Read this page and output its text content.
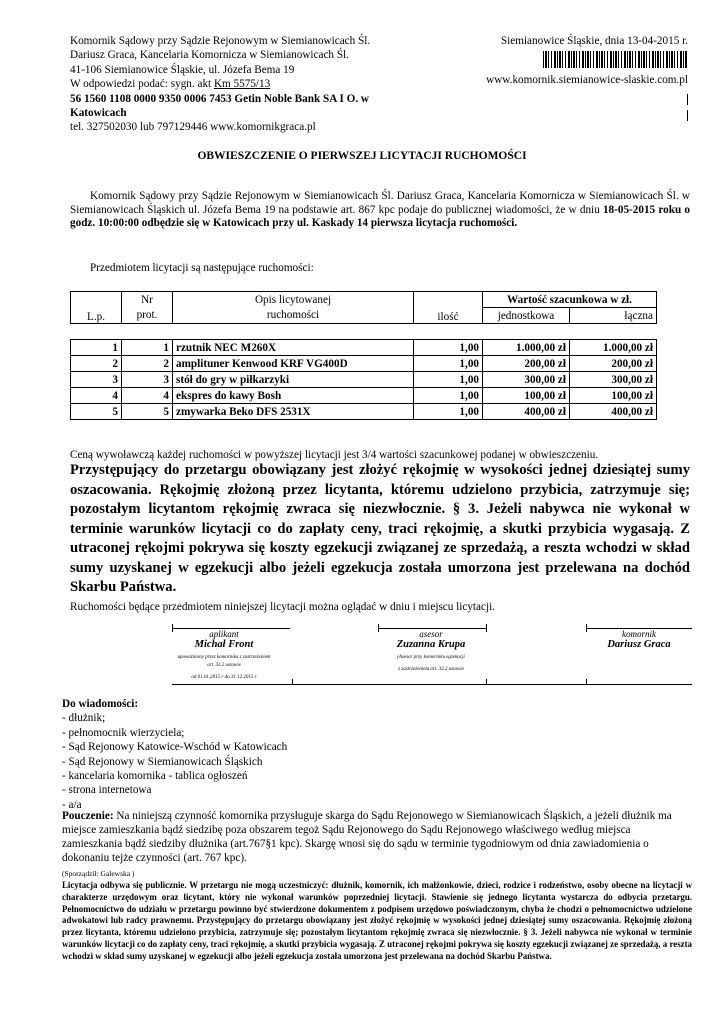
Komornik Sądowy przy Sądzie Rejonowym w Siemianowicach Śl.
Dariusz Graca, Kancelaria Komornicza w Siemianowicach Śl.
41-106 Siemianowice Śląskie, ul. Józefa Bema 19
W odpowiedzi podać: sygn. akt Km 5575/13
56 1560 1108 0000 9350 0006 7453 Getin Noble Bank SA I O. w
Katowicach
tel. 327502030 lub 797129446 www.komornikgraca.pl
Siemianowice Śląskie, dnia 13-04-2015 r.
www.komornik.siemianowice-slaskie.com.pl
OBWIESZCZENIE O PIERWSZEJ LICYTACJI RUCHOMOŚCI
Komornik Sądowy przy Sądzie Rejonowym w Siemianowicach Śl. Dariusz Graca, Kancelaria Komornicza w Siemianowicach Śl. w Siemianowicach Śląskich ul. Józefa Bema 19 na podstawie art. 867 kpc podaje do publicznej wiadomości, że w dniu 18-05-2015 roku o godz. 10:00:00 odbędzie się w Katowicach przy ul. Kaskady 14 pierwsza licytacja ruchomości.
Przedmiotem licytacji są następujące ruchomości:
L.p.	Nr	Opis licytowanej	ilość	Wartość szacunkowa w zł.	
	prot.	ruchomości		jednostkowa	łączna
1	1	rzutnik NEC M260X	1,00	1.000,00 zł	1.000,00 zł
2	2	amplituner Kenwood KRF VG400D	1,00	200,00 zł	200,00 zł
3	3	stół do gry w piłkarzyki	1,00	300,00 zł	300,00 zł
4	4	ekspres do kawy Bosh	1,00	100,00 zł	100,00 zł
5	5	zmywarka Beko DFS 2531X	1,00	400,00 zł	400,00 zł
Ceną wywoławczą każdej ruchomości w powyższej licytacji jest 3/4 wartości szacunkowej podanej w obwieszczeniu.
Przystępujący do przetargu obowiązany jest złożyć rękojmię w wysokości jednej dziesiątej sumy oszacowania. Rękojmię złożoną przez licytanta, któremu udzielono przybicia, zatrzymuje się; pozostałym licytantom rękojmię zwraca się niezwłocznie. § 3. Jeżeli nabywca nie wykonał w terminie warunków licytacji co do zapłaty ceny, traci rękojmię, a skutki przybicia wygasają. Z utraconej rękojmi pokrywa się koszty egzekucji związanej ze sprzedażą, a reszta wchodzi w skład sumy uzyskanej w egzekucji albo jeżeli egzekucja została umorzona jest przelewana na dochód Skarbu Państwa.
Ruchomości będące przedmiotem niniejszej licytacji można oglądać w dniu i miejscu licytacji.
aplikant
Michał Front
upoważniony przez komornika z zastrzeżeniem
art. 33.2 ustawie
od 01.01.2015 r do 31.12.2015 r
asesor
Zuzanna Krupa
(Asesor przy komorniku egzekucji
z zastrzeżeniem art. 33.2 ustawie
komornik
Dariusz Graca
Do wiadomości:
- dłużnik;
- pełnomocnik wierzyciela;
- Sąd Rejonowy Katowice-Wschód w Katowicach
- Sąd Rejonowy w Siemianowicach Śląskich
- kancelaria komornika - tablica ogłoszeń
- strona internetowa
- a/a
Pouczenie: Na niniejszą czynność komornika przysługuje skarga do Sądu Rejonowego w Siemianowicach Śląskich, a jeżeli dłużnik ma miejsce zamieszkania bądź siedzibę poza obszarem tegoż Sądu Rejonowego do Sądu Rejonowego właściwego według miejsca zamieszkania bądź siedziby dłużnika (art.767§1 kpc). Skargę wnosi się do sądu w terminie tygodniowym od dnia zawiadomienia o dokonaniu tejże czynności (art. 767 kpc).
(Sporządził: Galewska )
Licytacja odbywa się publicznie. W przetargu nie mogą uczestniczyć: dłużnik, komornik, ich małżonkowie, dzieci, rodzice i rodzeństwo, osoby obecne na licytacji w charakterze urzędowym oraz licytant, który nie wykonał warunków poprzedniej licytacji. Stawienie się jednego licytanta wystarcza do odbycia przetargu. Pełnomocnictwo do udziału w przetargu powinno być stwierdzone dokumentem z podpisem urzędowo poświadczonym, chyba że chodzi o pełnomocnictwo udzielone adwokatowi lub radcy prawnemu. Przystępujący do przetargu obowiązany jest złożyć rękojmię w wysokości jednej dziesiątej sumy oszacowania. Rękojmię złożoną przez licytanta, któremu udzielono przybicia, zatrzymuje się; pozostałym licytantom rękojmię zwraca się niezwłocznie. § 3. Jeżeli nabywca nie wykonał w terminie warunków licytacji co do zapłaty ceny, traci rękojmię, a skutki przybicia wygasają. Z utraconej rękojmi pokrywa się koszty egzekucji związanej ze sprzedażą, a reszta wchodzi w skład sumy uzyskanej w egzekucji albo jeżeli egzekucja została umorzona jest przelewana na dochód Skarbu Państwa.
